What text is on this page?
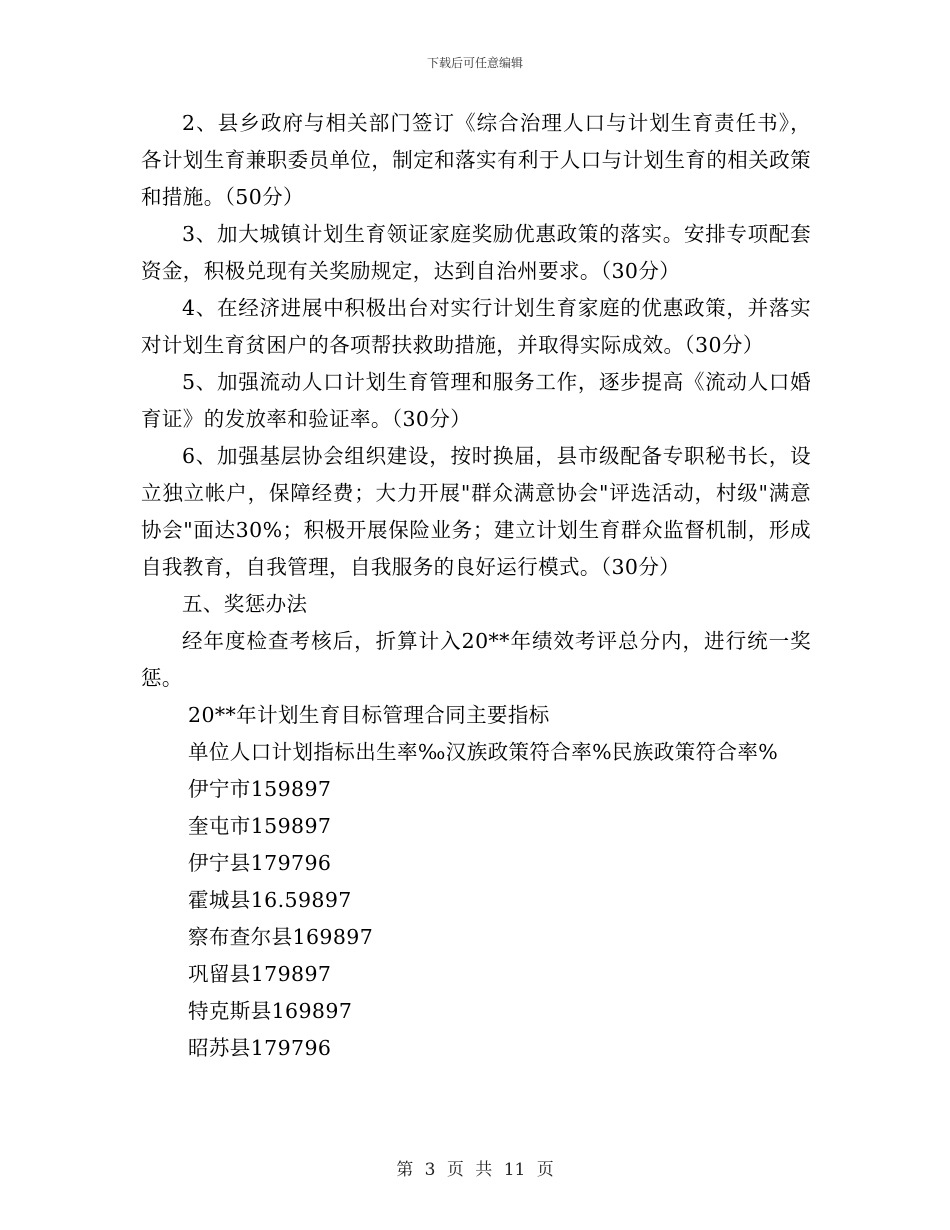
下载后可任意编辑

2、县乡政府与相关部门签订《综合治理人口与计划生育责任书》，各计划生育兼职委员单位，制定和落实有利于人口与计划生育的相关政策和措施。（50分）

3、加大城镇计划生育领证家庭奖励优惠政策的落实。安排专项配套资金，积极兑现有关奖励规定，达到自治州要求。（30分）

4、在经济进展中积极出台对实行计划生育家庭的优惠政策，并落实对计划生育贫困户的各项帮扶救助措施，并取得实际成效。（30分）

5、加强流动人口计划生育管理和服务工作，逐步提高《流动人口婚育证》的发放率和验证率。（30分）

6、加强基层协会组织建设，按时换届，县市级配备专职秘书长，设立独立帐户，保障经费；大力开展"群众满意协会"评选活动，村级"满意协会"面达30%；积极开展保险业务；建立计划生育群众监督机制，形成自我教育，自我管理，自我服务的良好运行模式。（30分）

五、奖惩办法

经年度检查考核后，折算计入20**年绩效考评总分内，进行统一奖惩。

20**年计划生育目标管理合同主要指标

单位人口计划指标出生率‰汉族政策符合率%民族政策符合率%

伊宁市159897

奎屯市159897

伊宁县179796

霍城县16.59897

察布查尔县169897

巩留县179897

特克斯县169897

昭苏县179796

第 3 页 共 11 页
